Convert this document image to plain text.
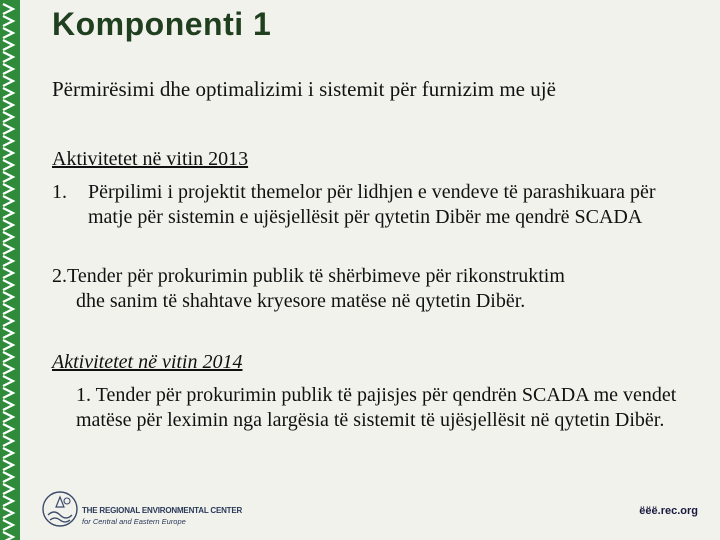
Komponenti 1
Përmirësimi dhe optimalizimi i sistemit për furnizim me ujë
Aktivitetet në vitin 2013
1. Përpilimi i projektit themelor për lidhjen e vendeve të parashikuara për matje për sistemin e ujësjellësit për qytetin Dibër me qendrë SCADA
2.Tender për prokurimin publik të shërbimeve për rikonstruktim
dhe sanim të shahtave kryesore matëse në qytetin Dibër.
Aktivitetet në vitin 2014
1. Tender për prokurimin publik të pajisjes për qendrën SCADA me vendet matëse për leximin nga largësia të sistemit të ujësjellësit në qytetin Dibër.
THE REGIONAL ENVIRONMENTAL CENTER
for Central and Eastern Europe
ëëë.rec.org
